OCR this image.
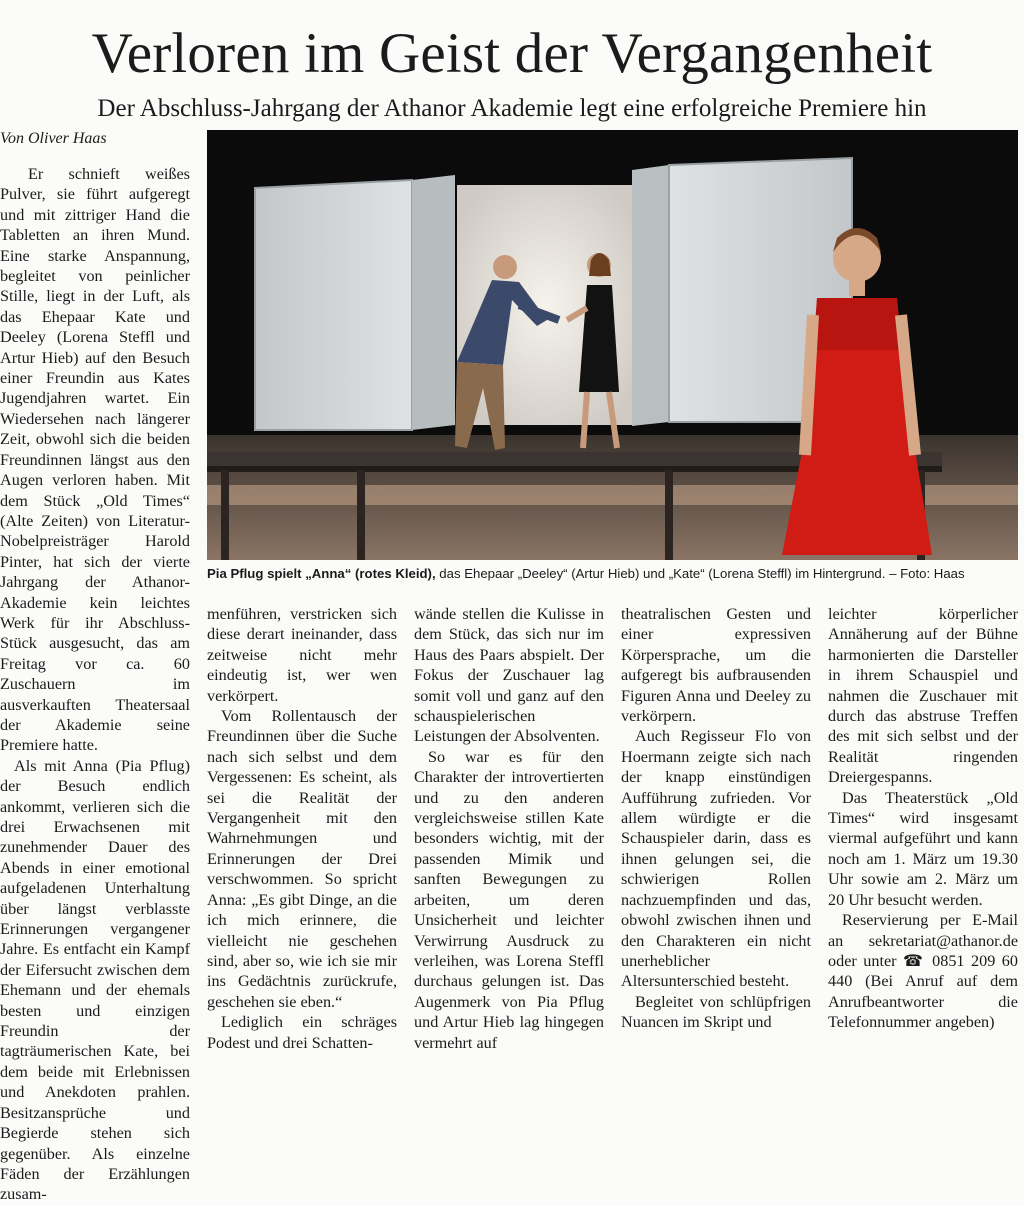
Verloren im Geist der Vergangenheit
Der Abschluss-Jahrgang der Athanor Akademie legt eine erfolgreiche Premiere hin
Von Oliver Haas

Er schnieft weißes Pulver, sie führt aufgeregt und mit zittriger Hand die Tabletten an ihren Mund. Eine starke Anspannung, begleitet von peinlicher Stille, liegt in der Luft, als das Ehepaar Kate und Deeley (Lorena Steffl und Artur Hieb) auf den Besuch einer Freundin aus Kates Jugendjahren wartet. Ein Wiedersehen nach längerer Zeit, obwohl sich die beiden Freundinnen längst aus den Augen verloren haben. Mit dem Stück „Old Times“ (Alte Zeiten) von Literatur-Nobelpreisträger Harold Pinter, hat sich der vierte Jahrgang der Athanor-Akademie kein leichtes Werk für ihr Abschluss-Stück ausgesucht, das am Freitag vor ca. 60 Zuschauern im ausverkauften Theatersaal der Akademie seine Premiere hatte.

Als mit Anna (Pia Pflug) der Besuch endlich ankommt, verlieren sich die drei Erwachsenen mit zunehmender Dauer des Abends in einer emotional aufgeladenen Unterhaltung über längst verblasste Erinnerungen vergangener Jahre. Es entfacht ein Kampf der Eifersucht zwischen dem Ehemann und der ehemals besten und einzigen Freundin der tagträumerischen Kate, bei dem beide mit Erlebnissen und Anekdoten prahlen. Besitzansprüche und Begierde stehen sich gegenüber. Als einzelne Fäden der Erzählungen zusam-

Pia Pflug spielt „Anna“ (rotes Kleid), das Ehepaar „Deeley“ (Artur Hieb) und „Kate“ (Lorena Steffl) im Hintergrund. – Foto: Haas

menführen, verstricken sich diese derart ineinander, dass zeitweise nicht mehr eindeutig ist, wer wen verkörpert.

Vom Rollentausch der Freundinnen über die Suche nach sich selbst und dem Vergessenen: Es scheint, als sei die Realität der Vergangenheit mit den Wahrnehmungen und Erinnerungen der Drei verschwommen. So spricht Anna: „Es gibt Dinge, an die ich mich erinnere, die vielleicht nie geschehen sind, aber so, wie ich sie mir ins Gedächtnis zurückrufe, geschehen sie eben.“

Lediglich ein schräges Podest und drei Schatten-

wände stellen die Kulisse in dem Stück, das sich nur im Haus des Paars abspielt. Der Fokus der Zuschauer lag somit voll und ganz auf den schauspielerischen Leistungen der Absolventen.

So war es für den Charakter der introvertierten und zu den anderen vergleichsweise stillen Kate besonders wichtig, mit der passenden Mimik und sanften Bewegungen zu arbeiten, um deren Unsicherheit und leichter Verwirrung Ausdruck zu verleihen, was Lorena Steffl durchaus gelungen ist. Das Augenmerk von Pia Pflug und Artur Hieb lag hingegen vermehrt auf

theatralischen Gesten und einer expressiven Körpersprache, um die aufgeregt bis aufbrausenden Figuren Anna und Deeley zu verkörpern.

Auch Regisseur Flo von Hoermann zeigte sich nach der knapp einstündigen Aufführung zufrieden. Vor allem würdigte er die Schauspieler darin, dass es ihnen gelungen sei, die schwierigen Rollen nachzuempfinden und das, obwohl zwischen ihnen und den Charakteren ein nicht unerheblicher Altersunterschied besteht.

Begleitet von schlüpfrigen Nuancen im Skript und

leichter körperlicher Annäherung auf der Bühne harmonierten die Darsteller in ihrem Schauspiel und nahmen die Zuschauer mit durch das abstruse Treffen des mit sich selbst und der Realität ringenden Dreiergespanns.

Das Theaterstück „Old Times“ wird insgesamt viermal aufgeführt und kann noch am 1. März um 19.30 Uhr sowie am 2. März um 20 Uhr besucht werden.

Reservierung per E-Mail an sekretariat@athanor.de oder unter ☎ 0851 209 60 440 (Bei Anruf auf dem Anrufbeantworter die Telefonnummer angeben)
